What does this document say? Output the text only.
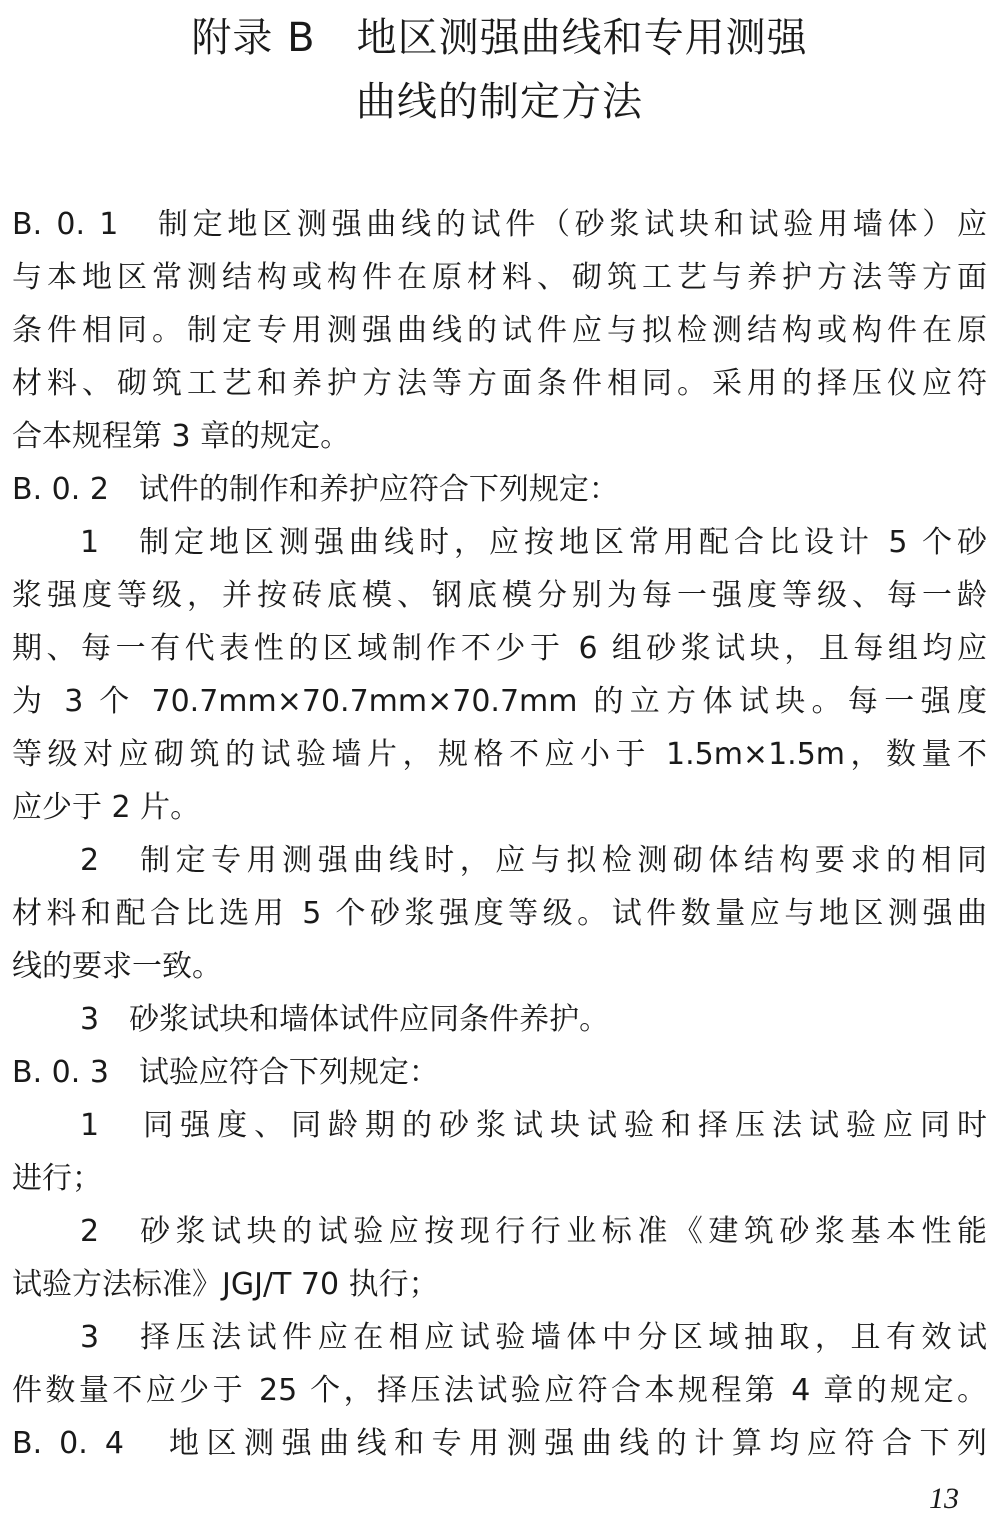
附录 B　地区测强曲线和专用测强
曲线的制定方法
B. 0. 1　制定地区测强曲线的试件（砂浆试块和试验用墙体）应
与本地区常测结构或构件在原材料、砌筑工艺与养护方法等方面
条件相同。制定专用测强曲线的试件应与拟检测结构或构件在原
材料、砌筑工艺和养护方法等方面条件相同。采用的择压仪应符
合本规程第 3 章的规定。
B. 0. 2　试件的制作和养护应符合下列规定：
1　制定地区测强曲线时，应按地区常用配合比设计 5 个砂
浆强度等级，并按砖底模、钢底模分别为每一强度等级、每一龄
期、每一有代表性的区域制作不少于 6 组砂浆试块，且每组均应
为 3 个 70.7mm×70.7mm×70.7mm 的立方体试块。每一强度
等级对应砌筑的试验墙片，规格不应小于 1.5m×1.5m，数量不
应少于 2 片。
2　制定专用测强曲线时，应与拟检测砌体结构要求的相同
材料和配合比选用 5 个砂浆强度等级。试件数量应与地区测强曲
线的要求一致。
3　砂浆试块和墙体试件应同条件养护。
B. 0. 3　试验应符合下列规定：
1　同强度、同龄期的砂浆试块试验和择压法试验应同时
进行；
2　砂浆试块的试验应按现行行业标准《建筑砂浆基本性能
试验方法标准》JGJ/T 70 执行；
3　择压法试件应在相应试验墙体中分区域抽取，且有效试
件数量不应少于 25 个，择压法试验应符合本规程第 4 章的规定。
B. 0. 4　地区测强曲线和专用测强曲线的计算均应符合下列
13
